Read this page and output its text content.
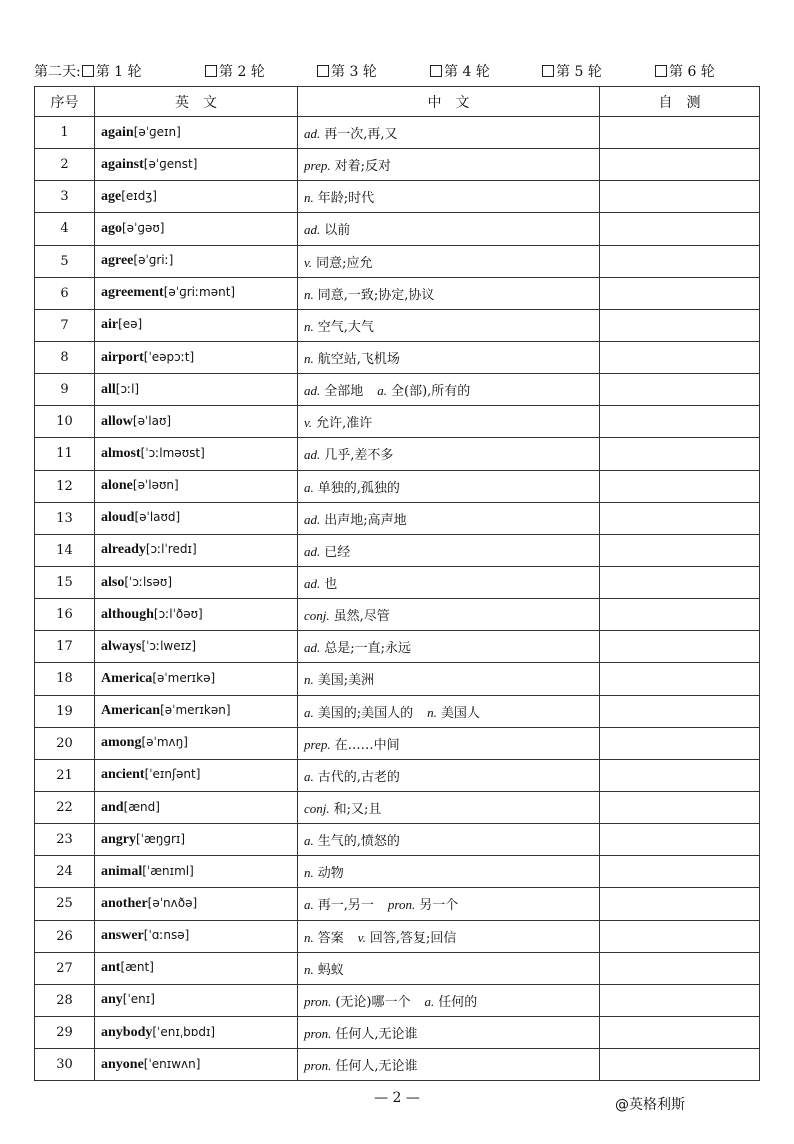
第二天: 第 1 轮	第 2 轮	第 3 轮	第 4 轮	第 5 轮	第 6 轮
序号	英　文	中　文	自　测
1	again[əˈɡeɪn]	ad. 再一次,再,又	
2	against[əˈɡenst]	prep. 对着;反对	
3	age[eɪdʒ]	n. 年龄;时代	
4	ago[əˈɡəʊ]	ad. 以前	
5	agree[əˈɡriː]	v. 同意;应允	
6	agreement[əˈɡriːmənt]	n. 同意,一致;协定,协议	
7	air[eə]	n. 空气,大气	
8	airport[ˈeəpɔːt]	n. 航空站,飞机场	
9	all[ɔːl]	ad. 全部地 a. 全(部),所有的	
10	allow[əˈlaʊ]	v. 允许,准许	
11	almost[ˈɔːlməʊst]	ad. 几乎,差不多	
12	alone[əˈləʊn]	a. 单独的,孤独的	
13	aloud[əˈlaʊd]	ad. 出声地;高声地	
14	already[ɔːlˈredɪ]	ad. 已经	
15	also[ˈɔːlsəʊ]	ad. 也	
16	although[ɔːlˈðəʊ]	conj. 虽然,尽管	
17	always[ˈɔːlweɪz]	ad. 总是;一直;永远	
18	America[əˈmerɪkə]	n. 美国;美洲	
19	American[əˈmerɪkən]	a. 美国的;美国人的 n. 美国人	
20	among[əˈmʌŋ]	prep. 在……中间	
21	ancient[ˈeɪnʃənt]	a. 古代的,古老的	
22	and[ænd]	conj. 和;又;且	
23	angry[ˈæŋɡrɪ]	a. 生气的,愤怒的	
24	animal[ˈænɪml]	n. 动物	
25	another[əˈnʌðə]	a. 再一,另一 pron. 另一个	
26	answer[ˈɑːnsə]	n. 答案 v. 回答,答复;回信	
27	ant[ænt]	n. 蚂蚁	
28	any[ˈenɪ]	pron. (无论)哪一个 a. 任何的	
29	anybody[ˈenɪˌbɒdɪ]	pron. 任何人,无论谁	
30	anyone[ˈenɪwʌn]	pron. 任何人,无论谁	
— 2 —	@英格利斯
